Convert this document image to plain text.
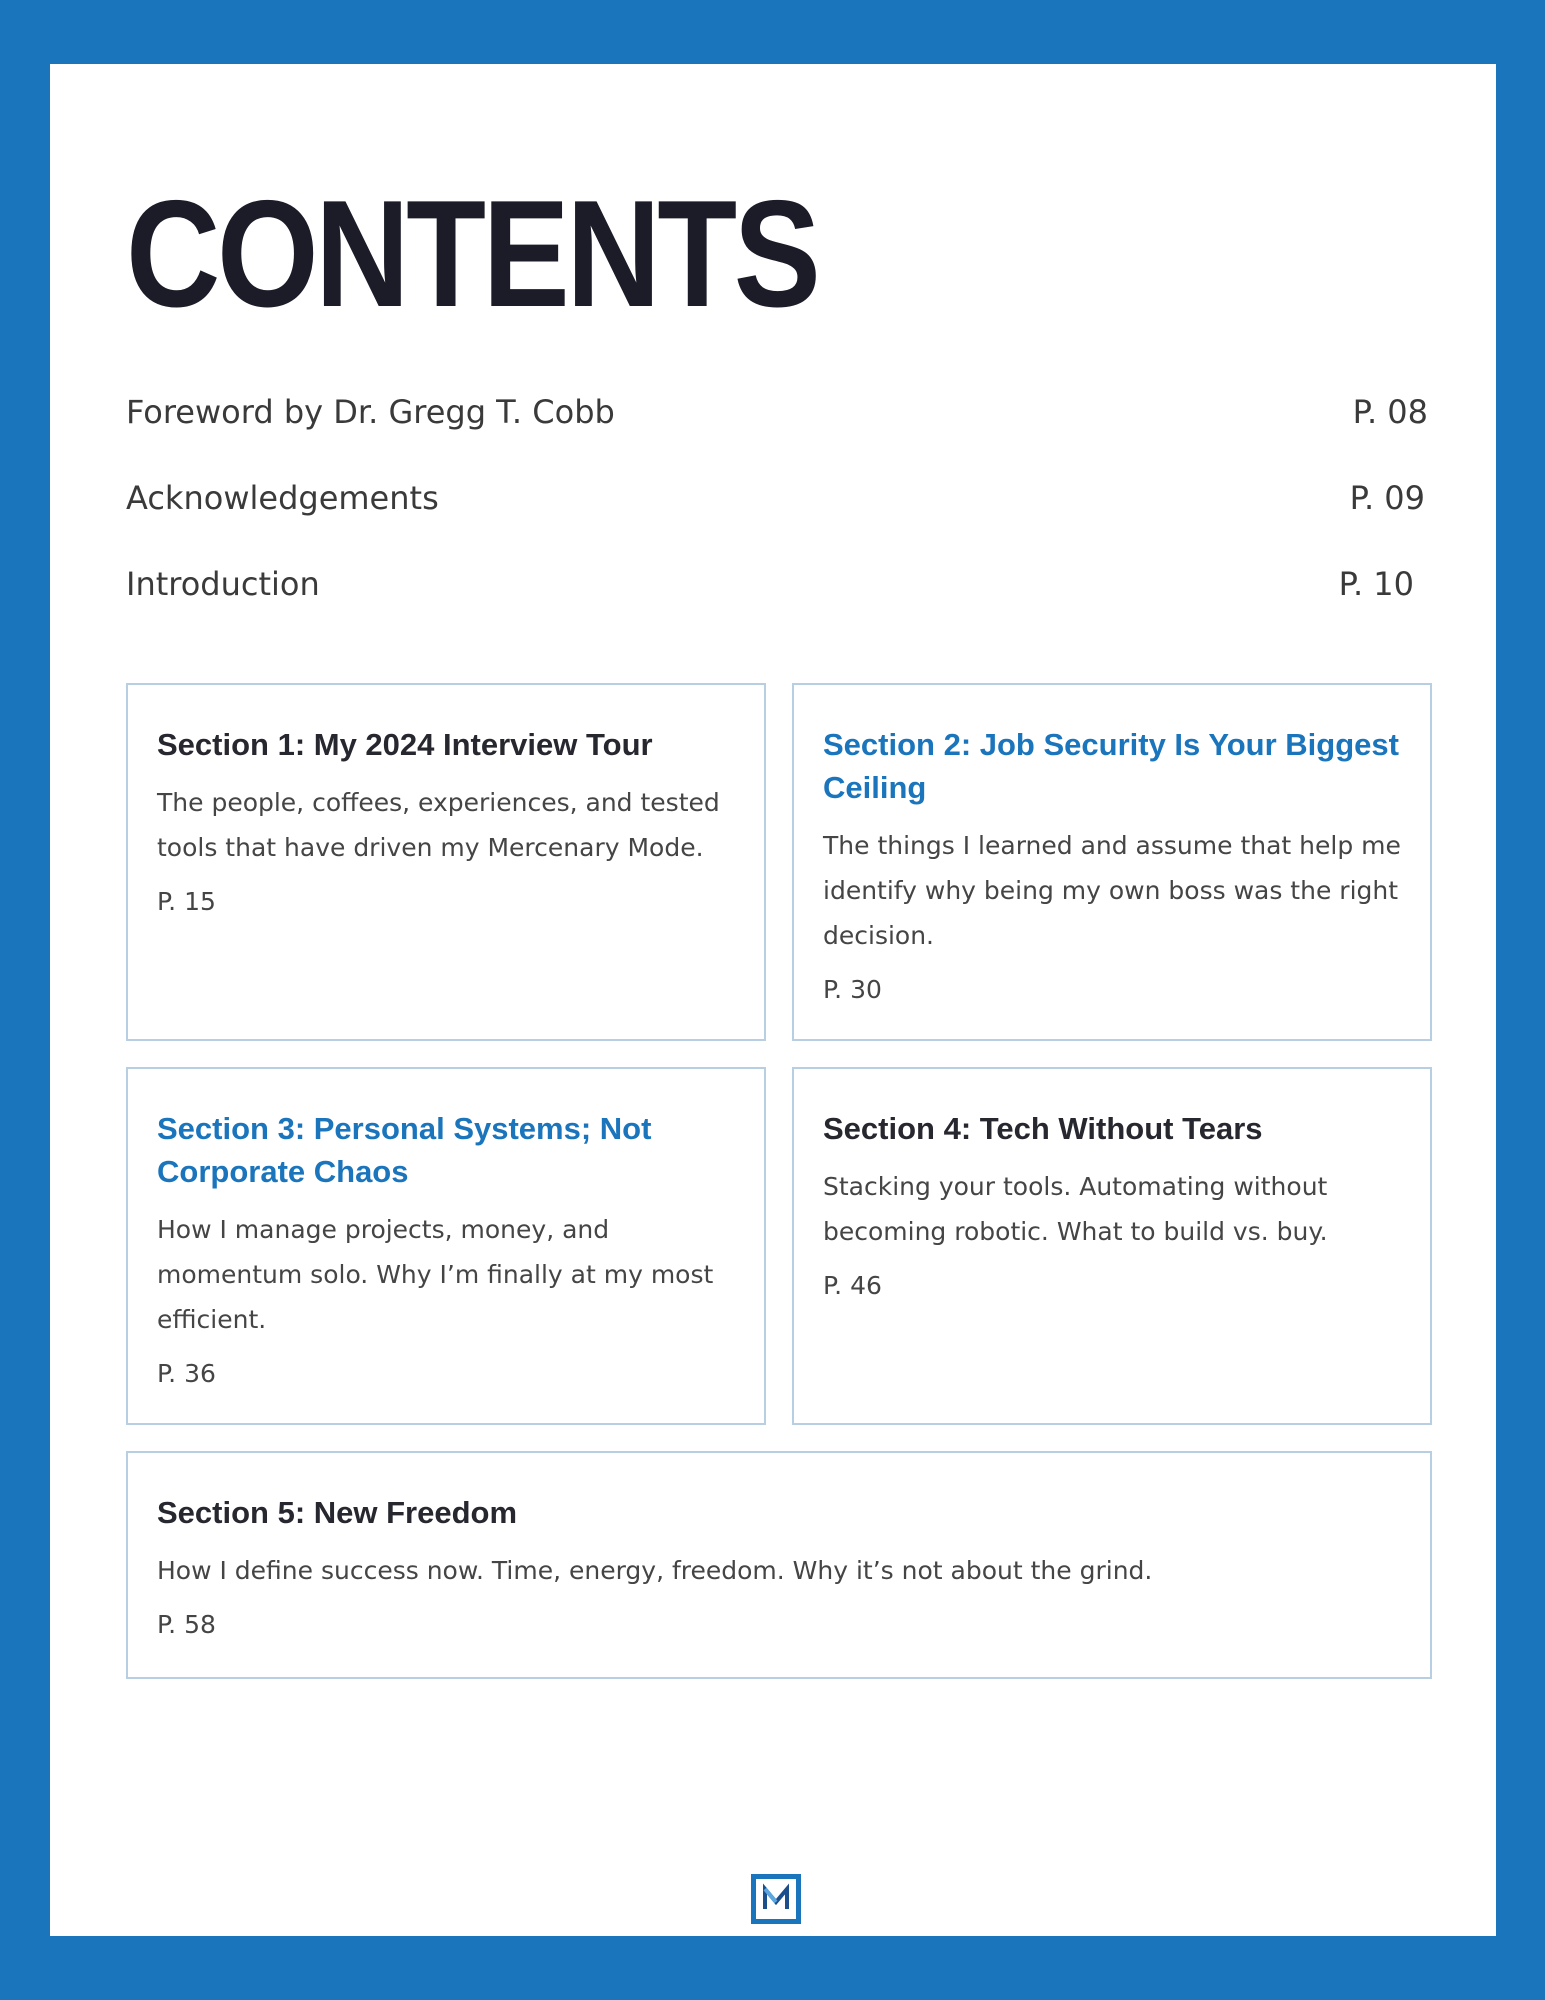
CONTENTS
Foreword by Dr. Gregg T. Cobb	P. 08
Acknowledgements	P. 09
Introduction	P. 10
Section 1: My 2024 Interview Tour
The people, coffees, experiences, and tested tools that have driven my Mercenary Mode.
P. 15
Section 2: Job Security Is Your Biggest Ceiling
The things I learned and assume that help me identify why being my own boss was the right decision.
P. 30
Section 3: Personal Systems; Not Corporate Chaos
How I manage projects, money, and momentum solo. Why I’m finally at my most efficient.
P. 36
Section 4: Tech Without Tears
Stacking your tools. Automating without becoming robotic. What to build vs. buy.
P. 46
Section 5: New Freedom
How I define success now. Time, energy, freedom. Why it’s not about the grind.
P. 58
